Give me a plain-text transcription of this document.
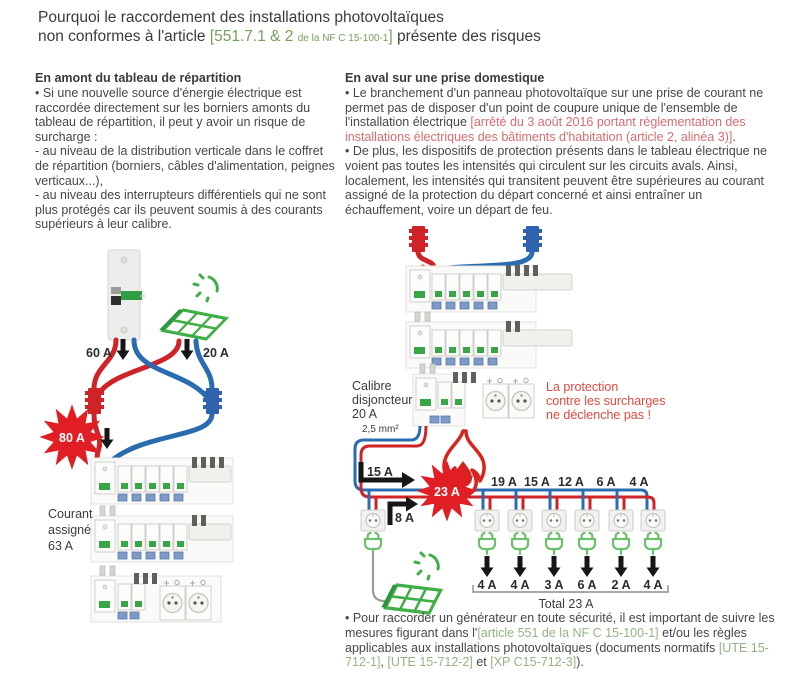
Pourquoi le raccordement des installations photovoltaïques
non conformes à l'article [551.7.1 & 2 de la NF C 15-100-1] présente des risques
En amont du tableau de répartition
• Si une nouvelle source d'énergie électrique est raccordée directement sur les borniers amonts du tableau de répartition, il peut y avoir un risque de surcharge :
- au niveau de la distribution verticale dans le coffret de répartition (borniers, câbles d'alimentation, peignes verticaux...),
- au niveau des interrupteurs différentiels qui ne sont plus protégés car ils peuvent soumis à des courants supérieurs à leur calibre.
En aval sur une prise domestique
• Le branchement d'un panneau photovoltaïque sur une prise de courant ne permet pas de disposer d'un point de coupure unique de l'ensemble de l'installation électrique [arrêté du 3 août 2016 portant réglementation des installations électriques des bâtiments d'habitation (article 2, alinéa 3)].
• De plus, les dispositifs de protection présents dans le tableau électrique ne voient pas toutes les intensités qui circulent sur les circuits avals. Ainsi, localement, les intensités qui transitent peuvent être supérieures au courant assigné de la protection du départ concerné et ainsi entraîner un échauffement, voire un départ de feu.
60 A	20 A
80 A
Courant
assigné
63 A
Calibre
disjoncteur
20 A
2,5 mm²
La protection
contre les surcharges
ne déclenche pas !
15 A
8 A
23 A
19 A 15 A 12 A 6 A 4 A
4 A 4 A 3 A 6 A 2 A 4 A
Total 23 A
• Pour raccorder un générateur en toute sécurité, il est important de suivre les mesures figurant dans l'[article 551 de la NF C 15-100-1] et/ou les règles applicables aux installations photovoltaïques (documents normatifs [UTE 15-712-1], [UTE 15-712-2] et [XP C15-712-3]).
